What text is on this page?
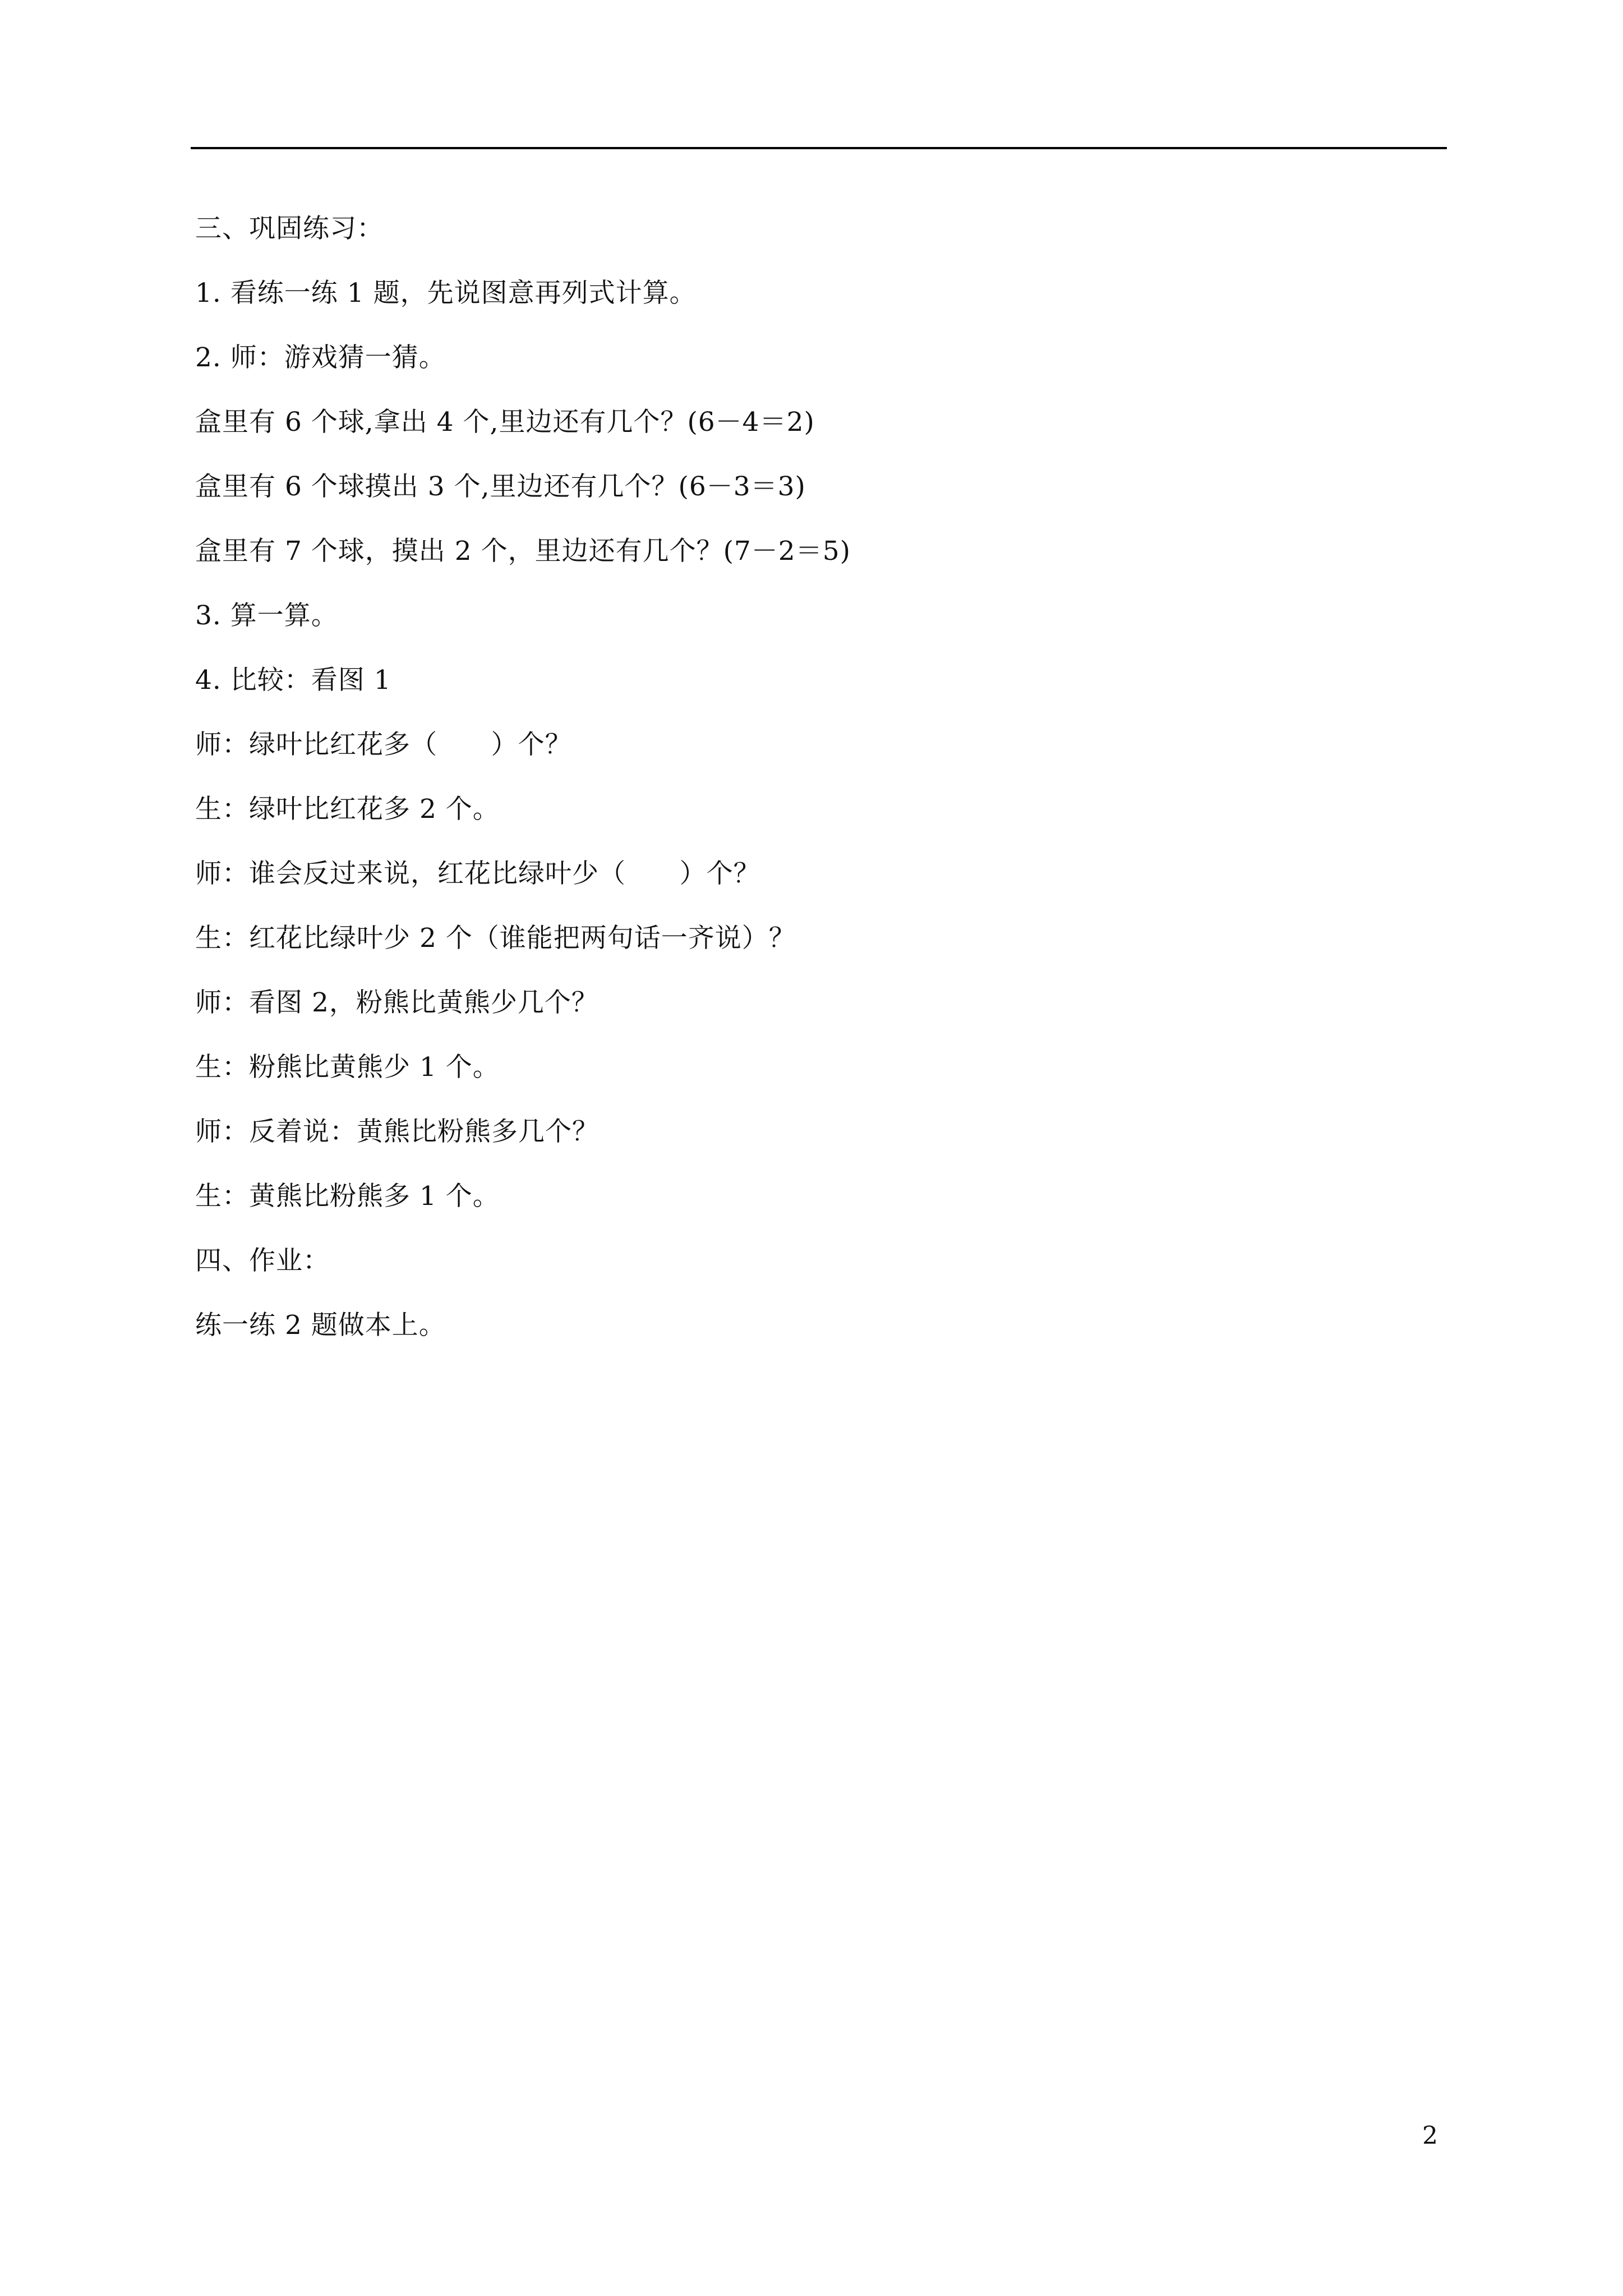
三、巩固练习：
1. 看练一练 1 题，先说图意再列式计算。
2. 师：游戏猜一猜。
盒里有 6 个球,拿出 4 个,里边还有几个？(6－4＝2)
盒里有 6 个球摸出 3 个,里边还有几个？(6－3＝3)
盒里有 7 个球，摸出 2 个，里边还有几个？(7－2＝5)
3. 算一算。
4. 比较：看图 1
师：绿叶比红花多（      ）个？
生：绿叶比红花多 2 个。
师：谁会反过来说，红花比绿叶少（      ）个？
生：红花比绿叶少 2 个（谁能把两句话一齐说）？
师：看图 2，粉熊比黄熊少几个？
生：粉熊比黄熊少 1 个。
师：反着说：黄熊比粉熊多几个？
生：黄熊比粉熊多 1 个。
四、作业：
练一练 2 题做本上。
2
